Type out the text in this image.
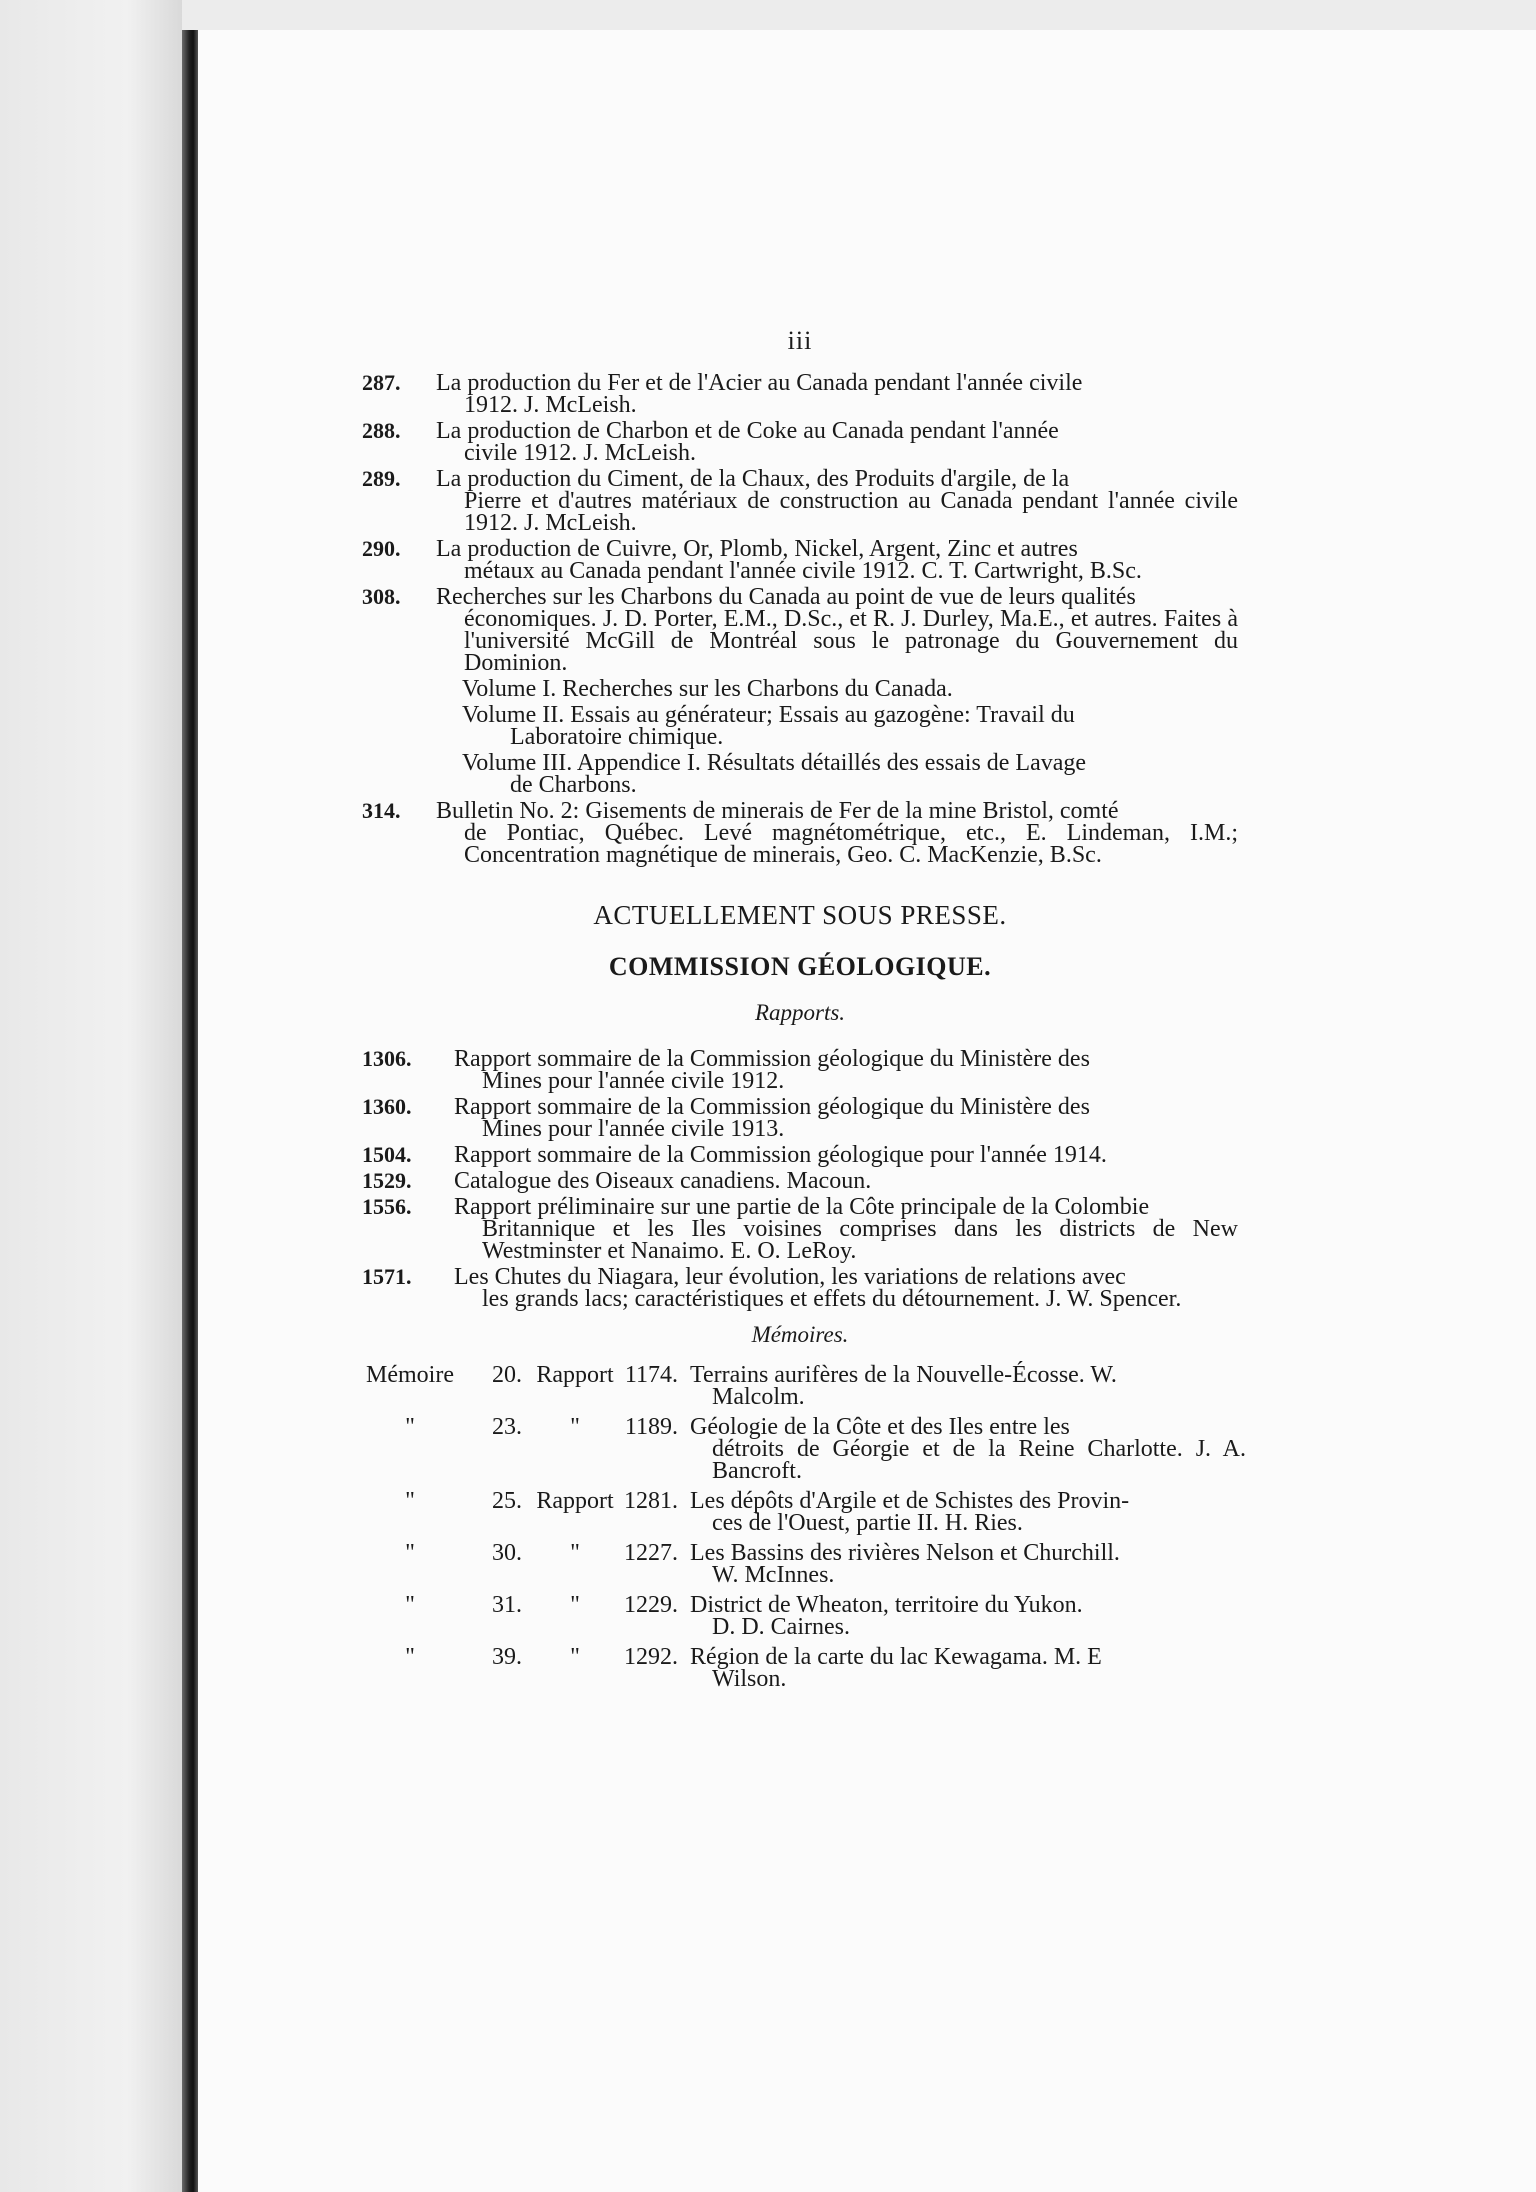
iii
287.	La production du Fer et de l'Acier au Canada pendant l'année civile
1912. J. McLeish.
288.	La production de Charbon et de Coke au Canada pendant l'année
civile 1912. J. McLeish.
289.	La production du Ciment, de la Chaux, des Produits d'argile, de la
Pierre et d'autres matériaux de construction au Canada pendant l'année civile 1912. J. McLeish.
290.	La production de Cuivre, Or, Plomb, Nickel, Argent, Zinc et autres
métaux au Canada pendant l'année civile 1912. C. T. Cartwright, B.Sc.
308.	Recherches sur les Charbons du Canada au point de vue de leurs qualités
économiques. J. D. Porter, E.M., D.Sc., et R. J. Durley, Ma.E., et autres. Faites à l'université McGill de Montréal sous le patronage du Gouvernement du Dominion.
Volume I. Recherches sur les Charbons du Canada.
Volume II. Essais au générateur; Essais au gazogène: Travail du
Laboratoire chimique.
Volume III. Appendice I. Résultats détaillés des essais de Lavage
de Charbons.
314.	Bulletin No. 2: Gisements de minerais de Fer de la mine Bristol, comté
de Pontiac, Québec. Levé magnétométrique, etc., E. Lindeman, I.M.; Concentration magnétique de minerais, Geo. C. MacKenzie, B.Sc.
ACTUELLEMENT SOUS PRESSE.
COMMISSION GÉOLOGIQUE.
Rapports.
1306.	Rapport sommaire de la Commission géologique du Ministère des
Mines pour l'année civile 1912.
1360.	Rapport sommaire de la Commission géologique du Ministère des
Mines pour l'année civile 1913.
1504.	Rapport sommaire de la Commission géologique pour l'année 1914.
1529.	Catalogue des Oiseaux canadiens. Macoun.
1556.	Rapport préliminaire sur une partie de la Côte principale de la Colombie
Britannique et les Iles voisines comprises dans les districts de New Westminster et Nanaimo. E. O. LeRoy.
1571.	Les Chutes du Niagara, leur évolution, les variations de relations avec
les grands lacs; caractéristiques et effets du détournement. J. W. Spencer.
Mémoires.
Mémoire	20.	Rapport	1174.	Terrains aurifères de la Nouvelle-Écosse. W.
Malcolm.

"	23.	"	1189.	Géologie de la Côte et des Iles entre les
détroits de Géorgie et de la Reine Charlotte. J. A. Bancroft.

"	25.	Rapport	1281.	Les dépôts d'Argile et de Schistes des Provin-
ces de l'Ouest, partie II. H. Ries.

"	30.	"	1227.	Les Bassins des rivières Nelson et Churchill.
W. McInnes.

"	31.	"	1229.	District de Wheaton, territoire du Yukon.
D. D. Cairnes.

"	39.	"	1292.	Région de la carte du lac Kewagama. M. E
Wilson.
